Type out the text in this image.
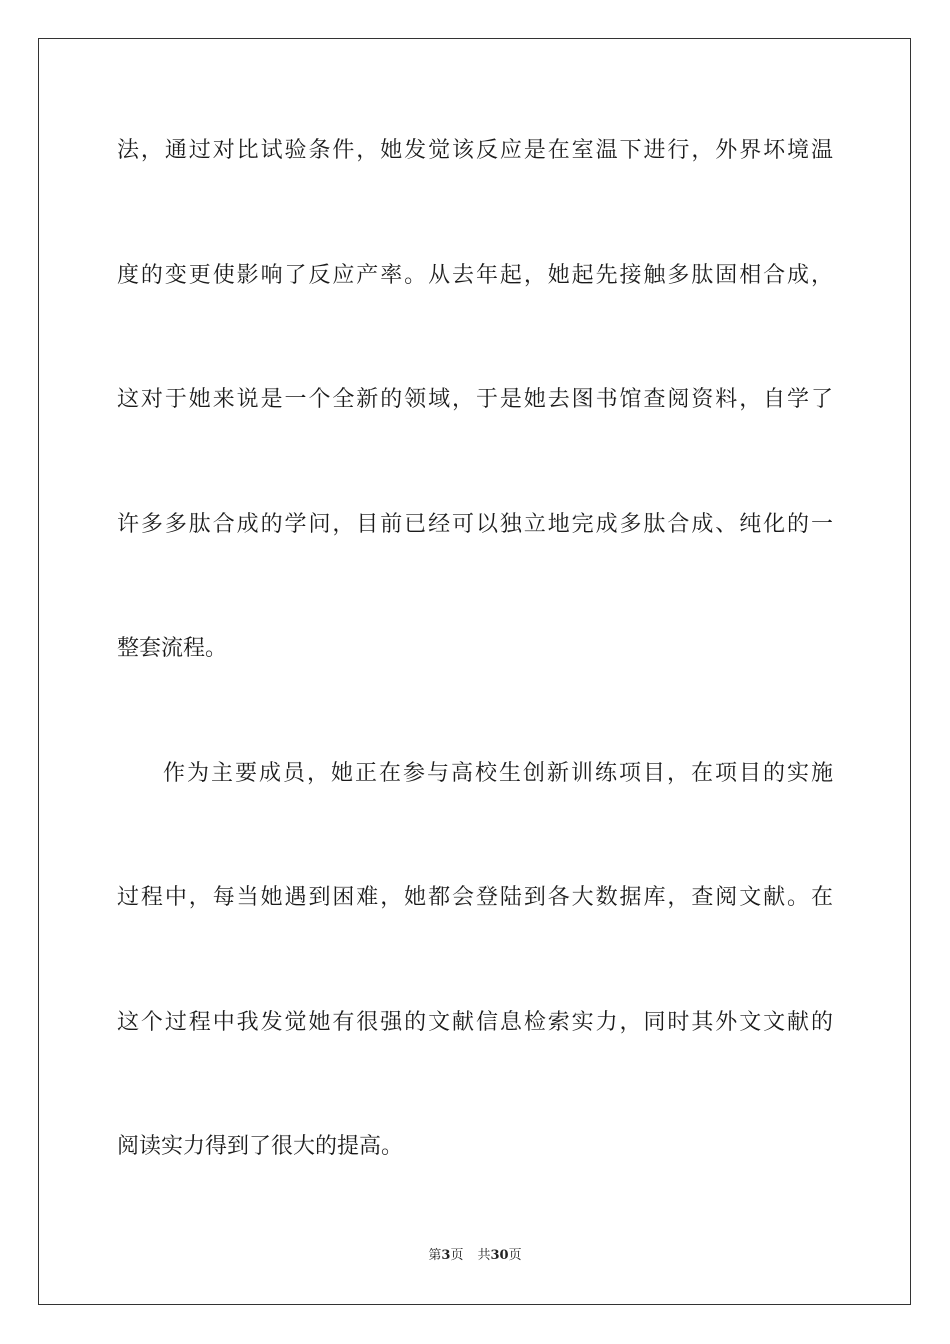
法，通过对比试验条件，她发觉该反应是在室温下进行，外界坏境温
度的变更使影响了反应产率。从去年起，她起先接触多肽固相合成，
这对于她来说是一个全新的领域，于是她去图书馆查阅资料，自学了
许多多肽合成的学问，目前已经可以独立地完成多肽合成、纯化的一
整套流程。
作为主要成员，她正在参与高校生创新训练项目，在项目的实施
过程中，每当她遇到困难，她都会登陆到各大数据库，查阅文献。在
这个过程中我发觉她有很强的文献信息检索实力，同时其外文文献的
阅读实力得到了很大的提高。
第3页 共30页
